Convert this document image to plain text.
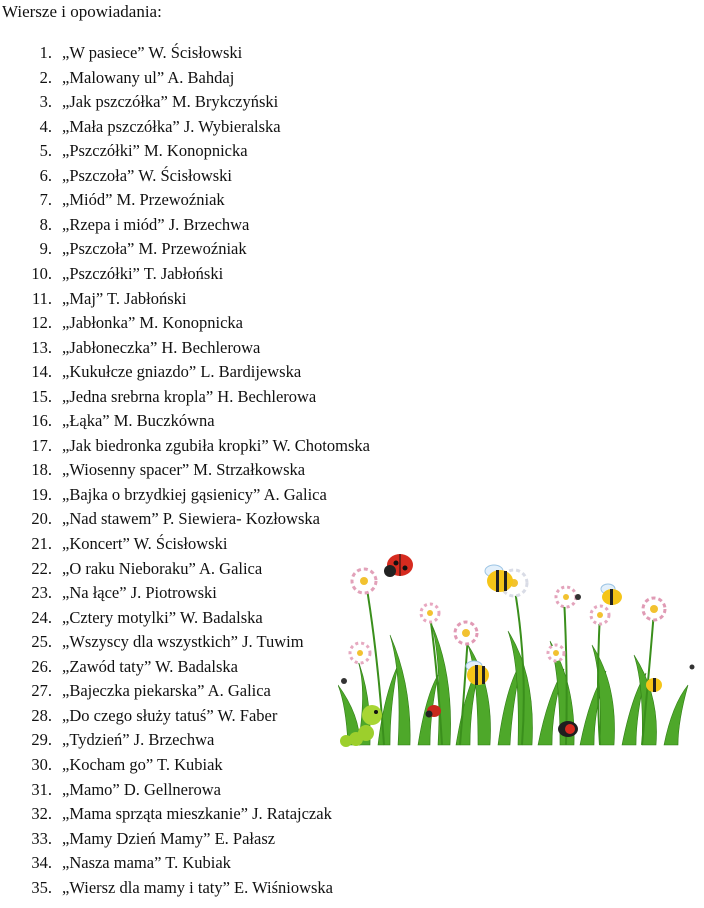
Wiersze i opowiadania:
1. „W pasiece” W. Ścisłowski
2. „Malowany ul” A. Bahdaj
3. „Jak pszczółka” M. Brykczyński
4. „Mała pszczółka” J. Wybieralska
5. „Pszczółki” M. Konopnicka
6. „Pszczoła” W. Ścisłowski
7. „Miód” M. Przewoźniak
8. „Rzepa i miód” J. Brzechwa
9. „Pszczoła” M. Przewoźniak
10. „Pszczółki” T. Jabłoński
11. „Maj” T. Jabłoński
12. „Jabłonka” M. Konopnicka
13. „Jabłoneczka” H. Bechlerowa
14. „Kukułcze gniazdo” L. Bardijewska
15. „Jedna srebrna kropla” H. Bechlerowa
16. „Łąka” M. Buczkówna
17. „Jak biedronka zgubiła kropki” W. Chotomska
18. „Wiosenny spacer” M. Strzałkowska
19. „Bajka o brzydkiej gąsienicy” A. Galica
20. „Nad stawem” P. Siewiera- Kozłowska
21. „Koncert” W. Ścisłowski
22. „O raku Nieboraku” A. Galica
23. „Na łące” J. Piotrowski
24. „Cztery motylki” W. Badalska
25. „Wszyscy dla wszystkich” J. Tuwim
26. „Zawód taty” W. Badalska
27. „Bajeczka piekarska” A. Galica
28. „Do czego służy tatuś” W. Faber
29. „Tydzień” J. Brzechwa
30. „Kocham go” T. Kubiak
31. „Mamo” D. Gellnerowa
32. „Mama sprząta mieszkanie” J. Ratajczak
33. „Mamy Dzień Mamy” E. Pałasz
34. „Nasza mama” T. Kubiak
35. „Wiersz dla mamy i taty” E. Wiśniowska
